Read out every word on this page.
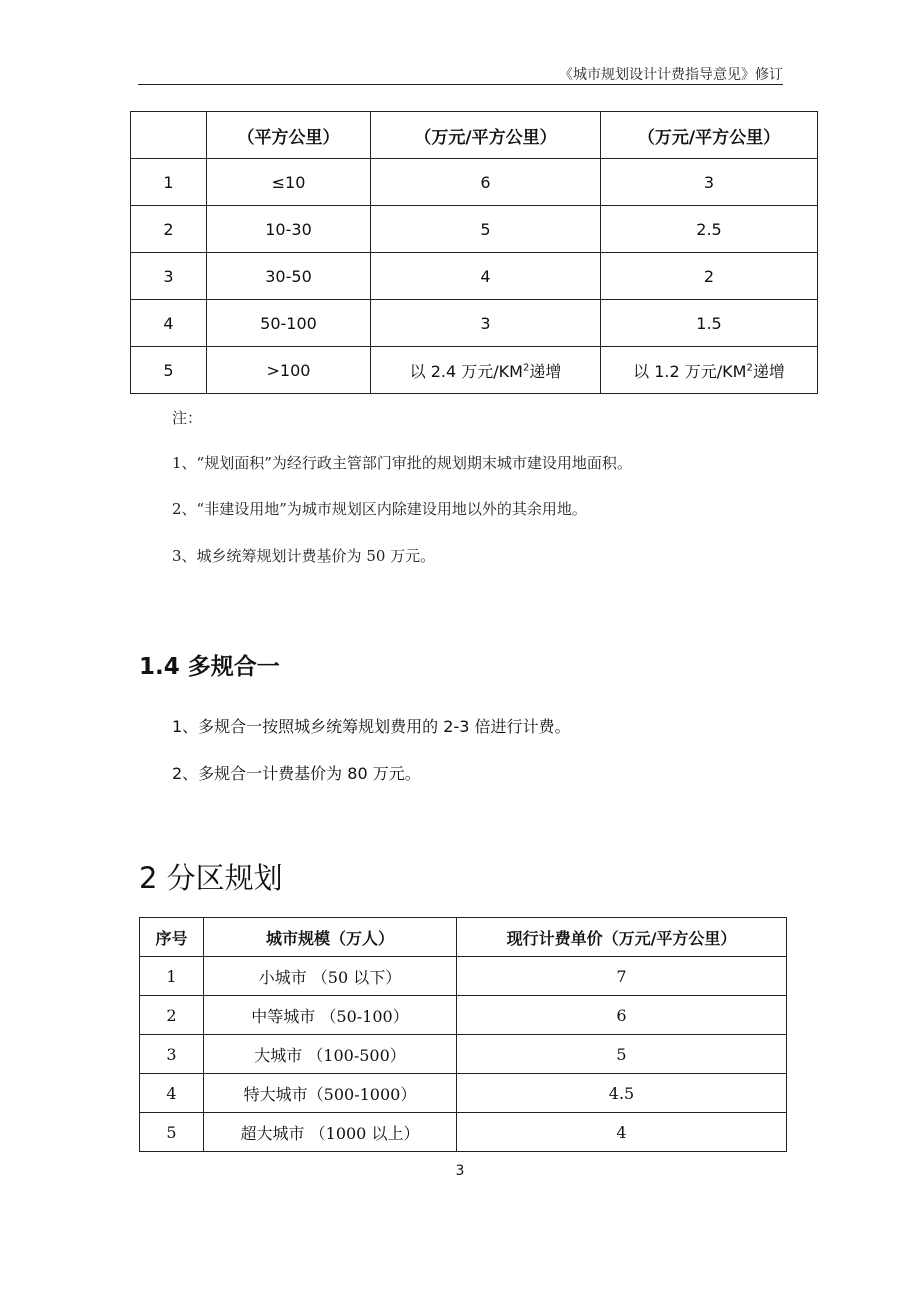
《城市规划设计计费指导意见》修订
	（平方公里）	（万元/平方公里）	（万元/平方公里）
1	≤10	6	3
2	10-30	5	2.5
3	30-50	4	2
4	50-100	3	1.5
5	>100	以 2.4 万元$/KM^2$递增	以 1.2 万元$/KM^2$递增
注：
1、“规划面积”为经行政主管部门审批的规划期末城市建设用地面积。
2、“非建设用地”为城市规划区内除建设用地以外的其余用地。
3、城乡统筹规划计费基价为 50 万元。
1.4 多规合一
1、多规合一按照城乡统筹规划费用的 2-3 倍进行计费。
2、多规合一计费基价为 80 万元。
2 分区规划
序号	城市规模（万人）	现行计费单价（万元/平方公里）
1	小城市 （50 以下）	7
2	中等城市 （50-100）	6
3	大城市 （100-500）	5
4	特大城市（500-1000）	4.5
5	超大城市 （1000 以上）	4
3
